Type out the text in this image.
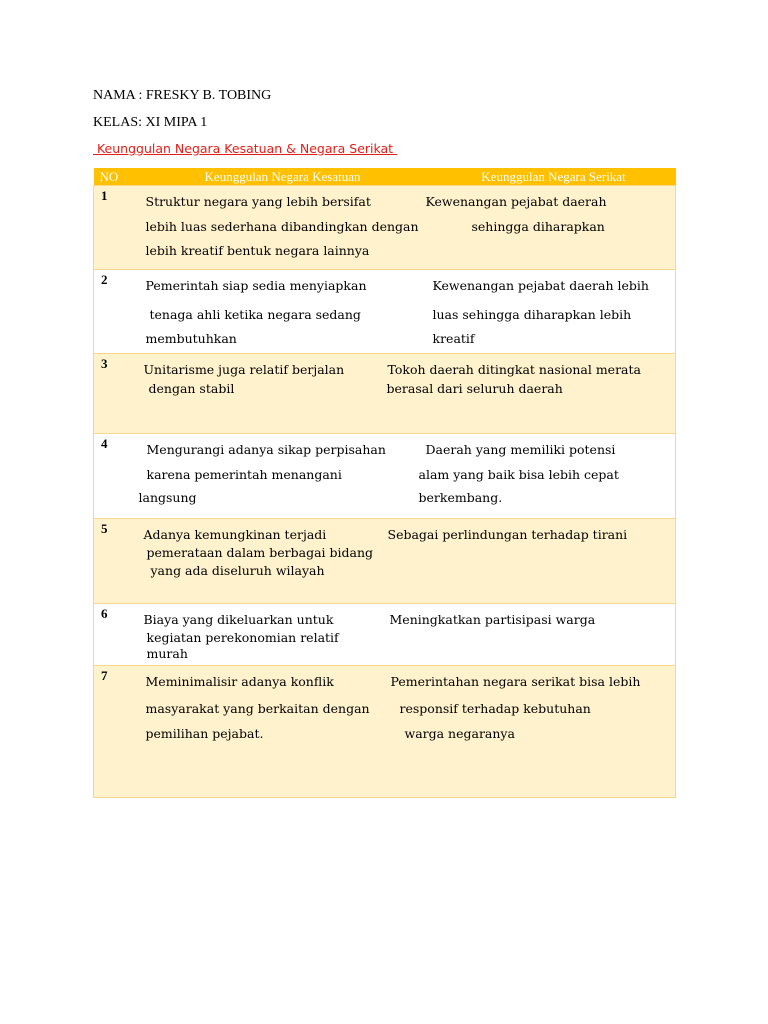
NAMA : FRESKY B. TOBING
KELAS: XI MIPA 1
Keunggulan Negara Kesatuan & Negara Serikat
NO	Keunggulan Negara Kesatuan	Keunggulan Negara Serikat

1	Struktur negara yang lebih bersifat
lebih luas sederhana dibandingkan dengan
lebih kreatif bentuk negara lainnya	Kewenangan pejabat daerah
sehingga diharapkan

2	Pemerintah siap sedia menyiapkan
tenaga ahli ketika negara sedang
membutuhkan	Kewenangan pejabat daerah lebih
luas sehingga diharapkan lebih
kreatif

3	Unitarisme juga relatif berjalan
dengan stabil	Tokoh daerah ditingkat nasional merata
berasal dari seluruh daerah

4	Mengurangi adanya sikap perpisahan
karena pemerintah menangani
langsung	Daerah yang memiliki potensi
alam yang baik bisa lebih cepat
berkembang.

5	Adanya kemungkinan terjadi
pemerataan dalam berbagai bidang
yang ada diseluruh wilayah	Sebagai perlindungan terhadap tirani

6	Biaya yang dikeluarkan untuk
kegiatan perekonomian relatif
murah	Meningkatkan partisipasi warga

7	Meminimalisir adanya konflik
masyarakat yang berkaitan dengan
pemilihan pejabat.	Pemerintahan negara serikat bisa lebih
responsif terhadap kebutuhan
warga negaranya
